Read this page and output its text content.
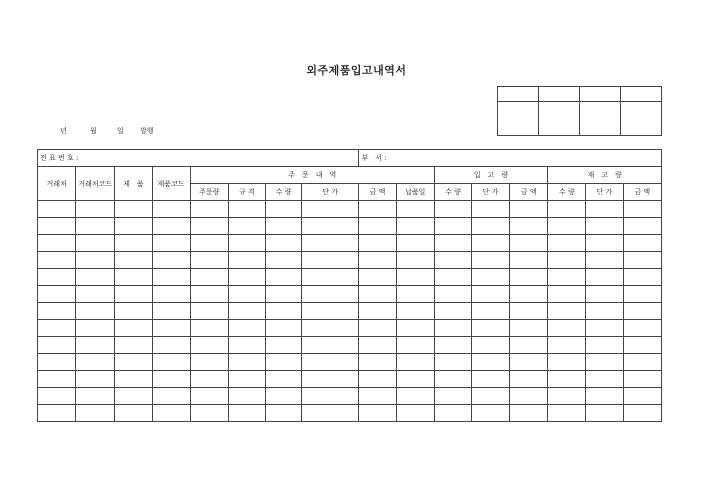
외주제품입고내역서

년	월	일 발행
전 표 번 호 :								부　서 :							
거래처	거래처코드	제　품	제품코드	주　문　내　역						입　고　량			재　고　량		
				주문량	규 격	수 량	단 가	금 액	납품일	수 량	단 가	금 액	수 량	단 가	금 액
